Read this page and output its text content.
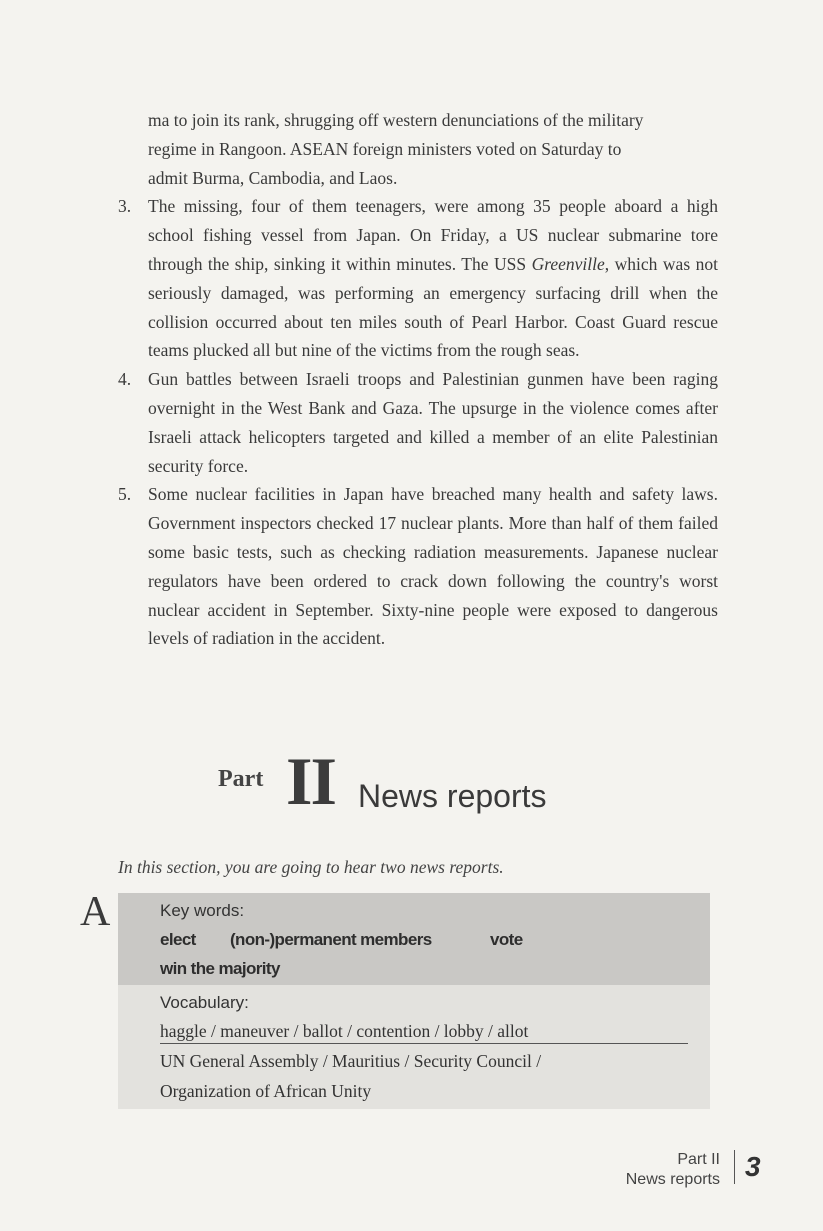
ma to join its rank, shrugging off western denunciations of the military

regime in Rangoon. ASEAN foreign ministers voted on Saturday to

admit Burma, Cambodia, and Laos.

3. The missing, four of them teenagers, were among 35 people aboard a high school fishing vessel from Japan. On Friday, a US nuclear submarine tore through the ship, sinking it within minutes. The USS Greenville, which was not seriously damaged, was performing an emergency surfacing drill when the collision occurred about ten miles south of Pearl Harbor. Coast Guard rescue teams plucked all but nine of the victims from the rough seas.

4. Gun battles between Israeli troops and Palestinian gunmen have been raging overnight in the West Bank and Gaza. The upsurge in the violence comes after Israeli attack helicopters targeted and killed a member of an elite Palestinian security force.

5. Some nuclear facilities in Japan have breached many health and safety laws. Government inspectors checked 17 nuclear plants. More than half of them failed some basic tests, such as checking radiation measurements. Japanese nuclear regulators have been ordered to crack down following the country's worst nuclear accident in September. Sixty-nine people were exposed to dangerous levels of radiation in the accident.

Part II News reports
In this section, you are going to hear two news reports.
A	Key words:
elect (non-)permanent members	vote
win the majority
Vocabulary:
haggle / maneuver / ballot / contention / lobby / allot
UN General Assembly / Mauritius / Security Council /
Organization of African Unity
Part II
News reports 3
